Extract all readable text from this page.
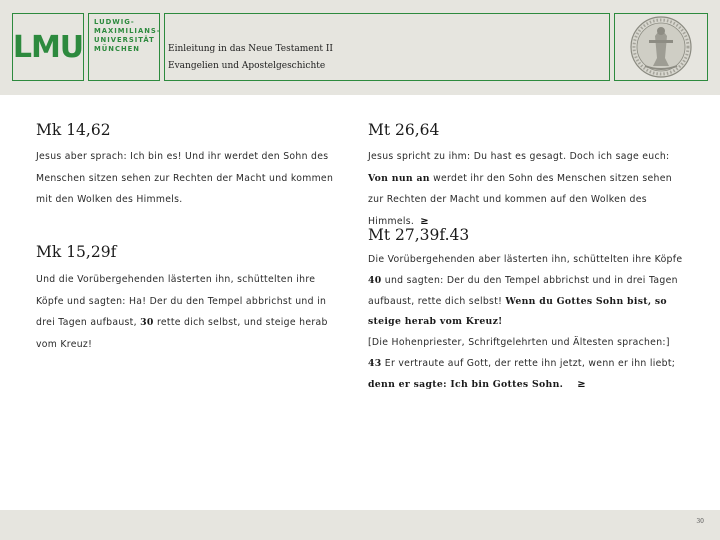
LMU
LUDWIG-
MAXIMILIANS-
UNIVERSITÄT
MÜNCHEN	Einleitung in das Neue Testament II
Evangelien und Apostelgeschichte
Mk 14,62

Jesus aber sprach: Ich bin es! Und ihr werdet den Sohn des Menschen sitzen sehen zur Rechten der Macht und kommen mit den Wolken des Himmels.

Mk 15,29f

Und die Vorübergehenden lästerten ihn, schüttelten ihre Köpfe und sagten: Ha! Der du den Tempel abbrichst und in drei Tagen aufbaust, 30 rette dich selbst, und steige herab vom Kreuz!

Mt 26,64

Jesus spricht zu ihm: Du hast es gesagt. Doch ich sage euch: Von nun an werdet ihr den Sohn des Menschen sitzen sehen zur Rechten der Macht und kommen auf den Wolken des Himmels. ≥

Mt 27,39f.43

Die Vorübergehenden aber lästerten ihn, schüttelten ihre Köpfe 40 und sagten: Der du den Tempel abbrichst und in drei Tagen aufbaust, rette dich selbst! Wenn du Gottes Sohn bist, so steige herab vom Kreuz!
[Die Hohenpriester, Schriftgelehrten und Ältesten sprachen:]
43 Er vertraute auf Gott, der rette ihn jetzt, wenn er ihn liebt; denn er sagte: Ich bin Gottes Sohn. ≥

30
